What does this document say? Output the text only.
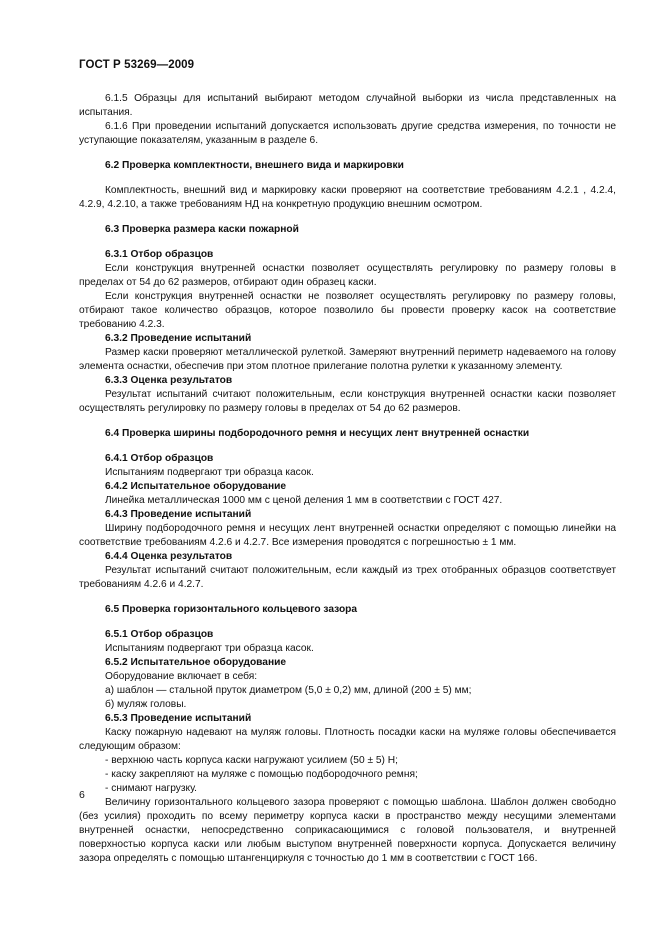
ГОСТ Р 53269—2009

6.1.5 Образцы для испытаний выбирают методом случайной выборки из числа представленных на испытания.

6.1.6 При проведении испытаний допускается использовать другие средства измерения, по точности не уступающие показателям, указанным в разделе 6.

6.2 Проверка комплектности, внешнего вида и маркировки

Комплектность, внешний вид и маркировку каски проверяют на соответствие требованиям 4.2.1 , 4.2.4, 4.2.9, 4.2.10, а также требованиям НД на конкретную продукцию внешним осмотром.

6.3 Проверка размера каски пожарной

6.3.1 Отбор образцов

Если конструкция внутренней оснастки позволяет осуществлять регулировку по размеру головы в пределах от 54 до 62 размеров, отбирают один образец каски.

Если конструкция внутренней оснастки не позволяет осуществлять регулировку по размеру головы, отбирают такое количество образцов, которое позволило бы провести проверку касок на соответствие требованию 4.2.3.

6.3.2 Проведение испытаний

Размер каски проверяют металлической рулеткой. Замеряют внутренний периметр надеваемого на голову элемента оснастки, обеспечив при этом плотное прилегание полотна рулетки к указанному элементу.

6.3.3 Оценка результатов

Результат испытаний считают положительным, если конструкция внутренней оснастки каски позволяет осуществлять регулировку по размеру головы в пределах от 54 до 62 размеров.

6.4 Проверка ширины подбородочного ремня и несущих лент внутренней оснастки

6.4.1 Отбор образцов

Испытаниям подвергают три образца касок.

6.4.2 Испытательное оборудование

Линейка металлическая 1000 мм с ценой деления 1 мм в соответствии с ГОСТ 427.

6.4.3 Проведение испытаний

Ширину подбородочного ремня и несущих лент внутренней оснастки определяют с помощью линейки на соответствие требованиям 4.2.6 и 4.2.7. Все измерения проводятся с погрешностью ± 1 мм.

6.4.4 Оценка результатов

Результат испытаний считают положительным, если каждый из трех отобранных образцов соответствует требованиям 4.2.6 и 4.2.7.

6.5 Проверка горизонтального кольцевого зазора

6.5.1 Отбор образцов

Испытаниям подвергают три образца касок.

6.5.2 Испытательное оборудование

Оборудование включает в себя:

а) шаблон — стальной пруток диаметром (5,0 ± 0,2) мм, длиной (200 ± 5) мм;

б) муляж головы.

6.5.3 Проведение испытаний

Каску пожарную надевают на муляж головы. Плотность посадки каски на муляже головы обеспечивается следующим образом:

- верхнюю часть корпуса каски нагружают усилием (50 ± 5) Н;

- каску закрепляют на муляже с помощью подбородочного ремня;

- снимают нагрузку.

Величину горизонтального кольцевого зазора проверяют с помощью шаблона. Шаблон должен свободно (без усилия) проходить по всему периметру корпуса каски в пространство между несущими элементами внутренней оснастки, непосредственно соприкасающимися с головой пользователя, и внутренней поверхностью корпуса каски или любым выступом внутренней поверхности корпуса. Допускается величину зазора определять с помощью штангенциркуля с точностью до 1 мм в соответствии с ГОСТ 166.

6
